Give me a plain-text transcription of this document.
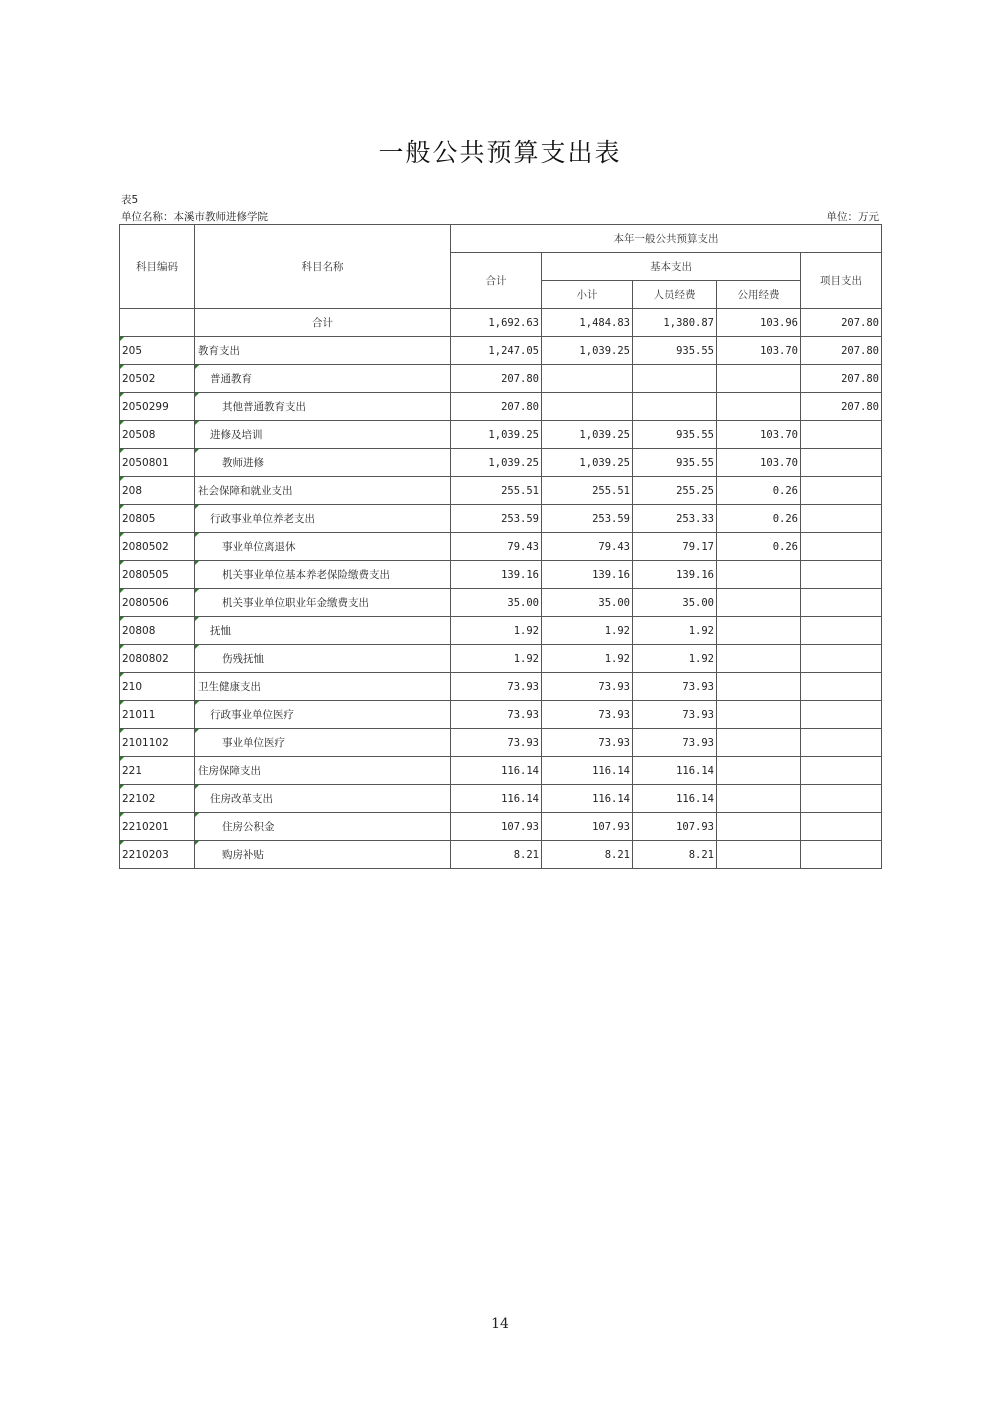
一般公共预算支出表
表5
单位名称：本溪市教师进修学院	单位：万元
科目编码	科目名称	本年一般公共预算支出				
		合计	基本支出			项目支出
			小计	人员经费	公用经费	
	合计	1,692.63	1,484.83	1,380.87	103.96	207.80
205	教育支出	1,247.05	1,039.25	935.55	103.70	207.80
20502	普通教育	207.80				207.80
2050299	其他普通教育支出	207.80				207.80
20508	进修及培训	1,039.25	1,039.25	935.55	103.70	
2050801	教师进修	1,039.25	1,039.25	935.55	103.70	
208	社会保障和就业支出	255.51	255.51	255.25	0.26	
20805	行政事业单位养老支出	253.59	253.59	253.33	0.26	
2080502	事业单位离退休	79.43	79.43	79.17	0.26	
2080505	机关事业单位基本养老保险缴费支出	139.16	139.16	139.16		
2080506	机关事业单位职业年金缴费支出	35.00	35.00	35.00		
20808	抚恤	1.92	1.92	1.92		
2080802	伤残抚恤	1.92	1.92	1.92		
210	卫生健康支出	73.93	73.93	73.93		
21011	行政事业单位医疗	73.93	73.93	73.93		
2101102	事业单位医疗	73.93	73.93	73.93		
221	住房保障支出	116.14	116.14	116.14		
22102	住房改革支出	116.14	116.14	116.14		
2210201	住房公积金	107.93	107.93	107.93		
2210203	购房补贴	8.21	8.21	8.21		
14
